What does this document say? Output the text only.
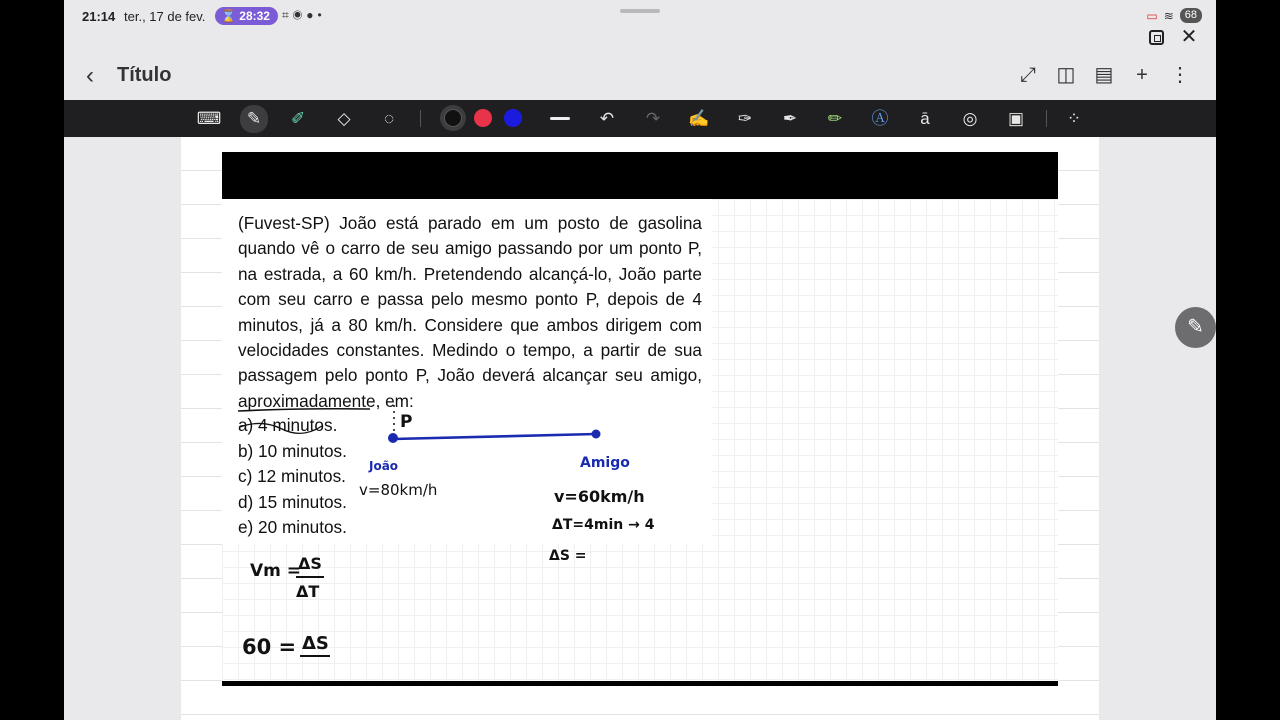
21:14 ter., 17 de fev.	⌛ 28:32	⌗◉●•	▭ ≋	68
✕
‹ Título	⤢ ◫ ▤ + ⋮
⌨	✎	✐	◇	◌	↶	↷	✍	✑	✒	✏	Ⓐ	ā	◎	▣	⁘
(Fuvest-SP) João está parado em um posto de gasolina quando vê o carro de seu amigo passando por um ponto P, na estrada, a 60 km/h. Pretendendo alcançá-lo, João parte com seu carro e passa pelo mesmo ponto P, depois de 4 minutos, já a 80 km/h. Considere que ambos dirigem com velocidades constantes. Medindo o tempo, a partir de sua passagem pelo ponto P, João deverá alcançar seu amigo, aproximadamente, em:
a) 4 minutos.
b) 10 minutos.
c) 12 minutos.
d) 15 minutos.
e) 20 minutos.
P
João
v=80km/h
Amigo
v=60km/h
ΔT=4min → 4
ΔS =
Vm =
ΔS
ΔT
60 = ΔS
✎
